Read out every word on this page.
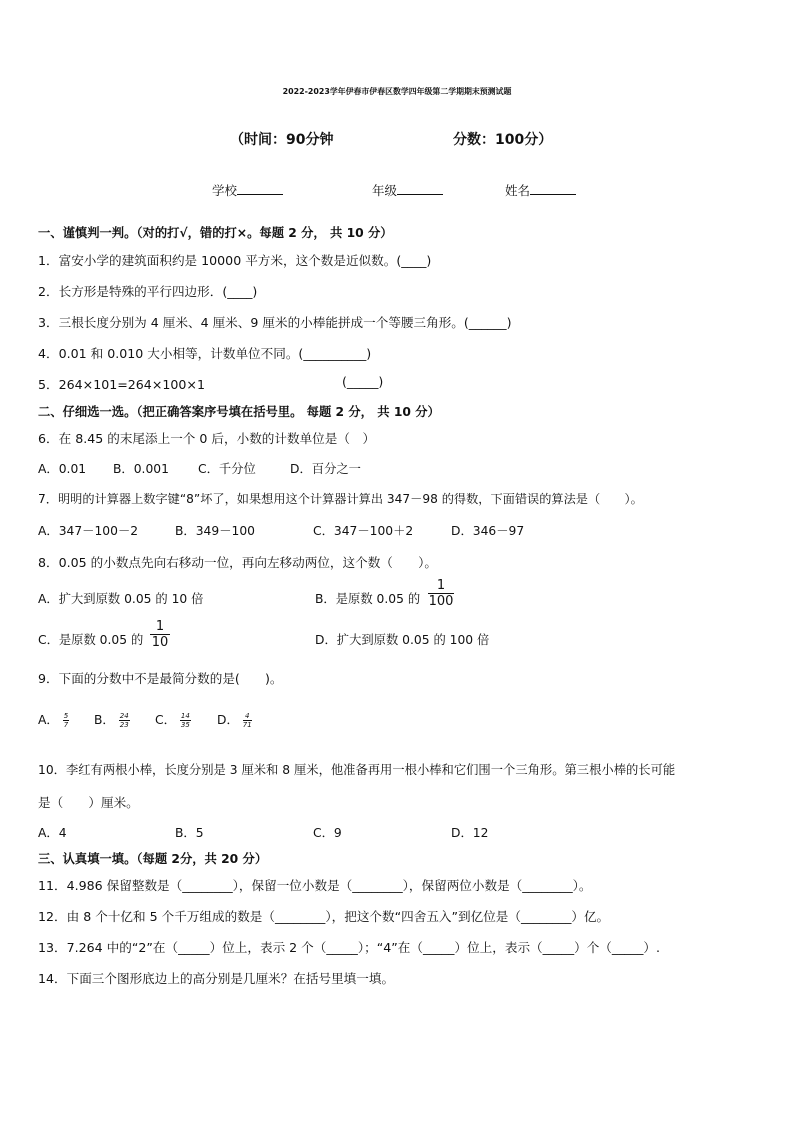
2022-2023学年伊春市伊春区数学四年级第二学期期末预测试题
（时间：90分钟	分数：100分）
学校	年级	姓名
一、谨慎判一判。（对的打√，错的打×。每题 2 分， 共 10 分）
1．富安小学的建筑面积约是 10000 平方米，这个数是近似数。(____)
2．长方形是特殊的平行四边形．(____)
3．三根长度分别为 4 厘米、4 厘米、9 厘米的小棒能拼成一个等腰三角形。(______)
4．0.01 和 0.010 大小相等，计数单位不同。(__________)
5．264×101=264×100×1	(_____)
二、仔细选一选。（把正确答案序号填在括号里。 每题 2 分， 共 10 分）
6．在 8.45 的末尾添上一个 0 后，小数的计数单位是（　）
A．0.01 B．0.001 C．千分位	D．百分之一
7．明明的计算器上数字键“8”坏了，如果想用这个计算器计算出 347－98 的得数，下面错误的算法是（　　）。
A．347－100－2	B．349－100	C．347－100＋2	D．346－97
8．0.05 的小数点先向右移动一位，再向左移动两位，这个数（　　）。
A．扩大到原数 0.05 的 10 倍	B．是原数 0.05 的
1
100
C．是原数 0.05 的
1
10	D．扩大到原数 0.05 的 100 倍
9．下面的分数中不是最简分数的是(　　)。
A． $\frac{5}{7}$ B． $\frac{24}{23}$ C． $\frac{14}{35}$ D． $\frac{4}{71}$
10．李红有两根小棒，长度分别是 3 厘米和 8 厘米，他准备再用一根小棒和它们围一个三角形。第三根小棒的长可能
是（　　）厘米。
A．4	B．5	C．9	D．12
三、认真填一填。（每题 2分，共 20 分）
11．4.986 保留整数是（________），保留一位小数是（________），保留两位小数是（________）。
12．由 8 个十亿和 5 个千万组成的数是（________），把这个数“四舍五入”到亿位是（________）亿。
13．7.264 中的“2”在（_____）位上，表示 2 个（_____）；“4”在（_____）位上，表示（_____）个（_____）.
14．下面三个图形底边上的高分别是几厘米？在括号里填一填。
